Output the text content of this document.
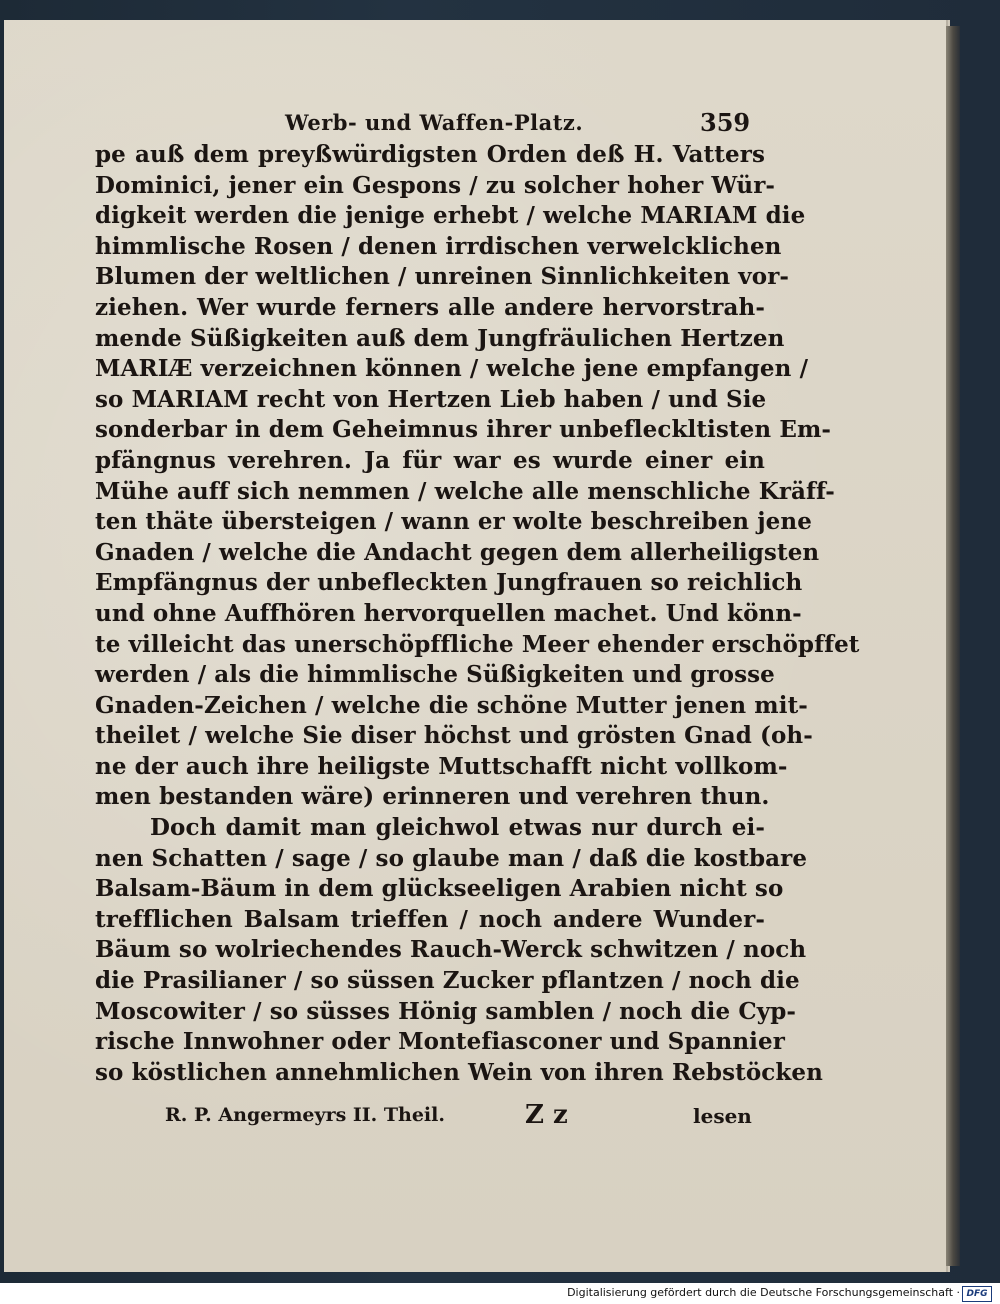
Werb- und Waffen-Platz.	359
pe auß dem preyßwürdigsten Orden deß H. Vatters
Dominici, jener ein Gespons / zu solcher hoher Wür-
digkeit werden die jenige erhebt / welche MARIAM die
himmlische Rosen / denen irrdischen verwelcklichen
Blumen der weltlichen / unreinen Sinnlichkeiten vor-
ziehen. Wer wurde ferners alle andere hervorstrah-
mende Süßigkeiten auß dem Jungfräulichen Hertzen
MARIÆ verzeichnen können / welche jene empfangen /
so MARIAM recht von Hertzen Lieb haben / und Sie
sonderbar in dem Geheimnus ihrer unbefleckltisten Em-
pfängnus verehren. Ja für war es wurde einer ein
Mühe auff sich nemmen / welche alle menschliche Kräff-
ten thäte übersteigen / wann er wolte beschreiben jene
Gnaden / welche die Andacht gegen dem allerheiligsten
Empfängnus der unbefleckten Jungfrauen so reichlich
und ohne Auffhören hervorquellen machet. Und könn-
te villeicht das unerschöpffliche Meer ehender erschöpffet
werden / als die himmlische Süßigkeiten und grosse
Gnaden-Zeichen / welche die schöne Mutter jenen mit-
theilet / welche Sie diser höchst und grösten Gnad (oh-
ne der auch ihre heiligste Muttschafft nicht vollkom-
men bestanden wäre) erinneren und verehren thun.
Doch damit man gleichwol etwas nur durch ei-
nen Schatten / sage / so glaube man / daß die kostbare
Balsam-Bäum in dem glückseeligen Arabien nicht so
trefflichen Balsam trieffen / noch andere Wunder-
Bäum so wolriechendes Rauch-Werck schwitzen / noch
die Prasilianer / so süssen Zucker pflantzen / noch die
Moscowiter / so süsses Hönig samblen / noch die Cyp-
rische Innwohner oder Montefiasconer und Spannier
so köstlichen annehmlichen Wein von ihren Rebstöcken
R. P. Angermeyrs II. Theil.	Z z	lesen
Digitalisierung gefördert durch die Deutsche Forschungsgemeinschaft · DFG
